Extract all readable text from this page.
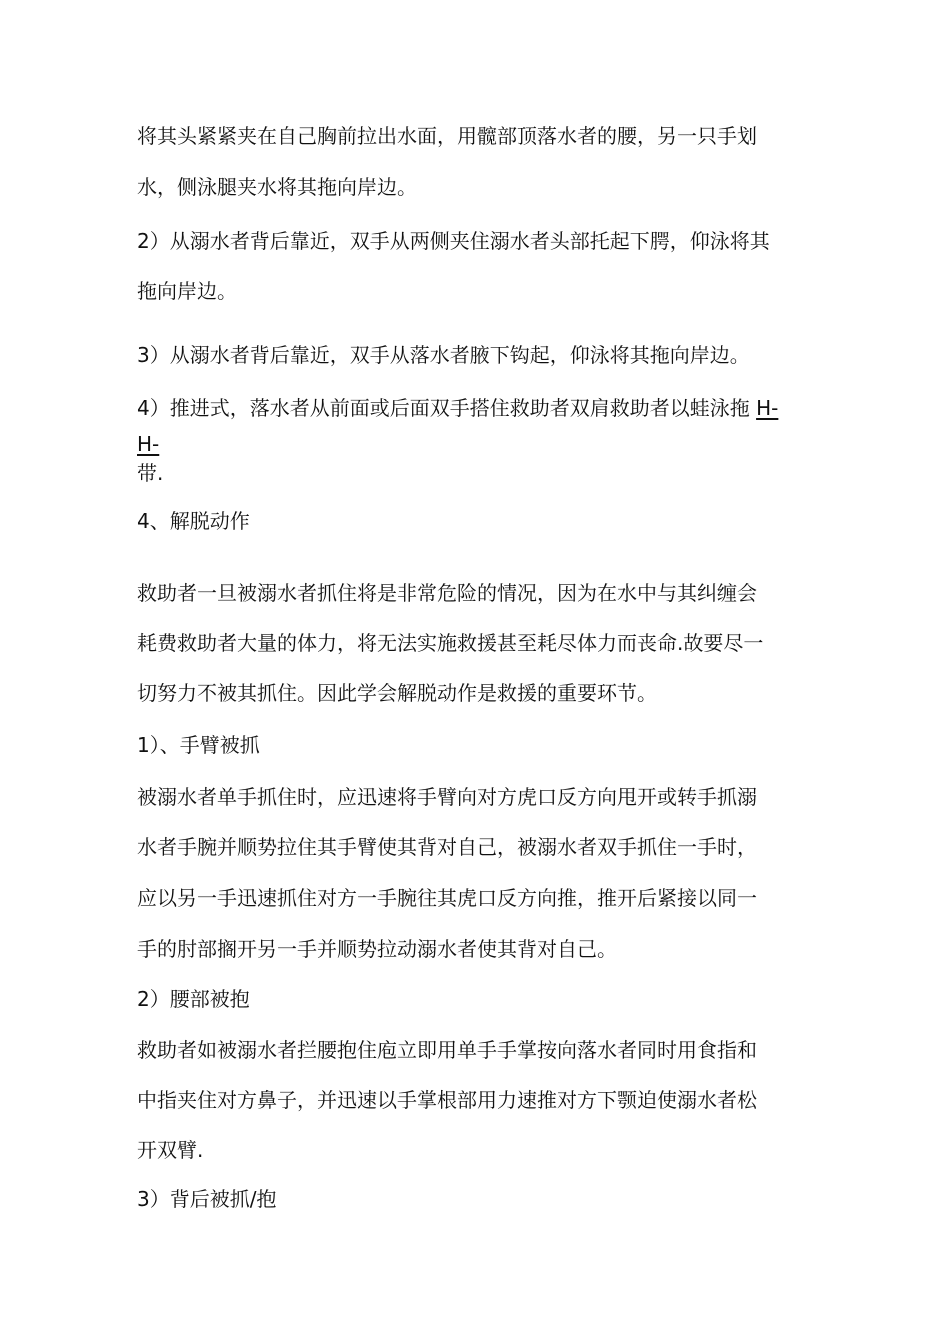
将其头紧紧夹在自己胸前拉出水面，用髋部顶落水者的腰，另一只手划

水，侧泳腿夹水将其拖向岸边。

2）从溺水者背后靠近，双手从两侧夹住溺水者头部托起下腭，仰泳将其

拖向岸边。

3）从溺水者背后靠近，双手从落水者腋下钩起，仰泳将其拖向岸边。

4）推进式，落水者从前面或后面双手搭住救助者双肩救助者以蛙泳拖 H-

H-

带.

4、解脱动作

救助者一旦被溺水者抓住将是非常危险的情况，因为在水中与其纠缠会

耗费救助者大量的体力，将无法实施救援甚至耗尽体力而丧命.故要尽一

切努力不被其抓住。因此学会解脱动作是救援的重要环节。

1）、手臂被抓

被溺水者单手抓住时，应迅速将手臂向对方虎口反方向甩开或转手抓溺

水者手腕并顺势拉住其手臂使其背对自己，被溺水者双手抓住一手时，

应以另一手迅速抓住对方一手腕往其虎口反方向推，推开后紧接以同一

手的肘部搁开另一手并顺势拉动溺水者使其背对自己。

2）腰部被抱

救助者如被溺水者拦腰抱住庖立即用单手手掌按向落水者同时用食指和

中指夹住对方鼻子，并迅速以手掌根部用力速推对方下颚迫使溺水者松

开双臂.

3）背后被抓/抱
